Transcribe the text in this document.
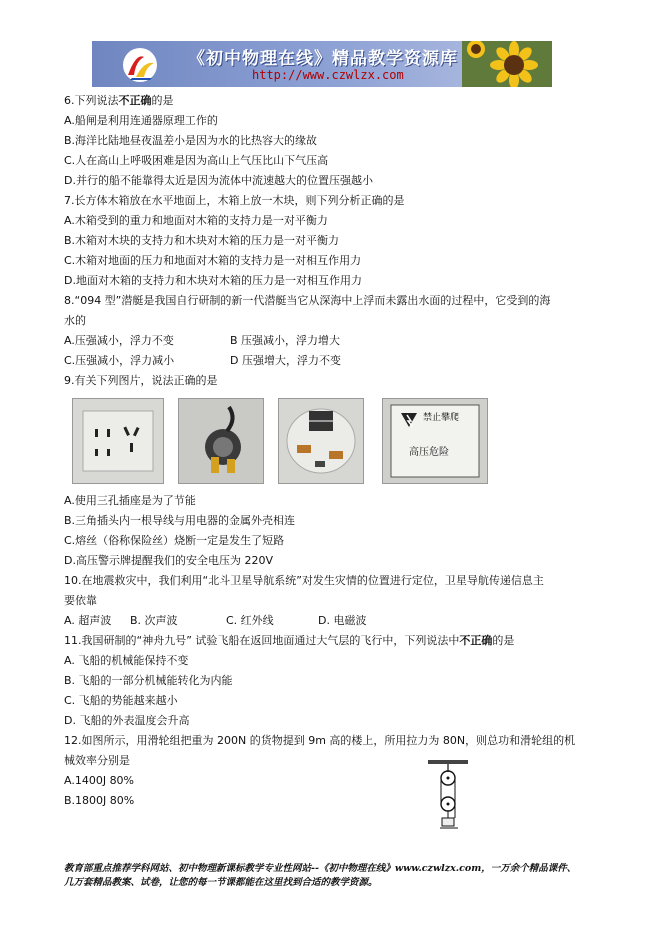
《初中物理在线》精品教学资源库
http://www.czwlzx.com
6.下列说法不正确的是
A.船闸是利用连通器原理工作的
B.海洋比陆地昼夜温差小是因为水的比热容大的缘故
C.人在高山上呼吸困难是因为高山上气压比山下气压高
D.并行的船不能靠得太近是因为流体中流速越大的位置压强越小
7.长方体木箱放在水平地面上，木箱上放一木块，则下列分析正确的是
A.木箱受到的重力和地面对木箱的支持力是一对平衡力
B.木箱对木块的支持力和木块对木箱的压力是一对平衡力
C.木箱对地面的压力和地面对木箱的支持力是一对相互作用力
D.地面对木箱的支持力和木块对木箱的压力是一对相互作用力
8.“094 型”潜艇是我国自行研制的新一代潜艇当它从深海中上浮而未露出水面的过程中，它受到的海
水的
A.压强减小，浮力不变	B 压强减小，浮力增大
C.压强减小，浮力减小	D 压强增大，浮力不变
9.有关下列图片，说法正确的是
禁止攀爬
高压危险
A.使用三孔插座是为了节能
B.三角插头内一根导线与用电器的金属外壳相连
C.熔丝（俗称保险丝）烧断一定是发生了短路
D.高压警示牌提醒我们的安全电压为 220V
10.在地震救灾中，我们利用“北斗卫星导航系统”对发生灾情的位置进行定位，卫星导航传递信息主
要依靠
A. 超声波 B. 次声波	C. 红外线	D. 电磁波
11.我国研制的“神舟九号” 试验飞船在返回地面通过大气层的飞行中，下列说法中不正确的是
A. 飞船的机械能保持不变
B. 飞船的一部分机械能转化为内能
C. 飞船的势能越来越小
D. 飞船的外表温度会升高
12.如图所示，用滑轮组把重为 200N 的货物提到 9m 高的楼上，所用拉力为 80N，则总功和滑轮组的机
械效率分别是
A.1400J 80%
B.1800J 80%
教育部重点推荐学科网站、初中物理新课标教学专业性网站--《初中物理在线》www.czwlzx.com，一万余个精品课件、
几万套精品教案、试卷，让您的每一节课都能在这里找到合适的教学资源。
